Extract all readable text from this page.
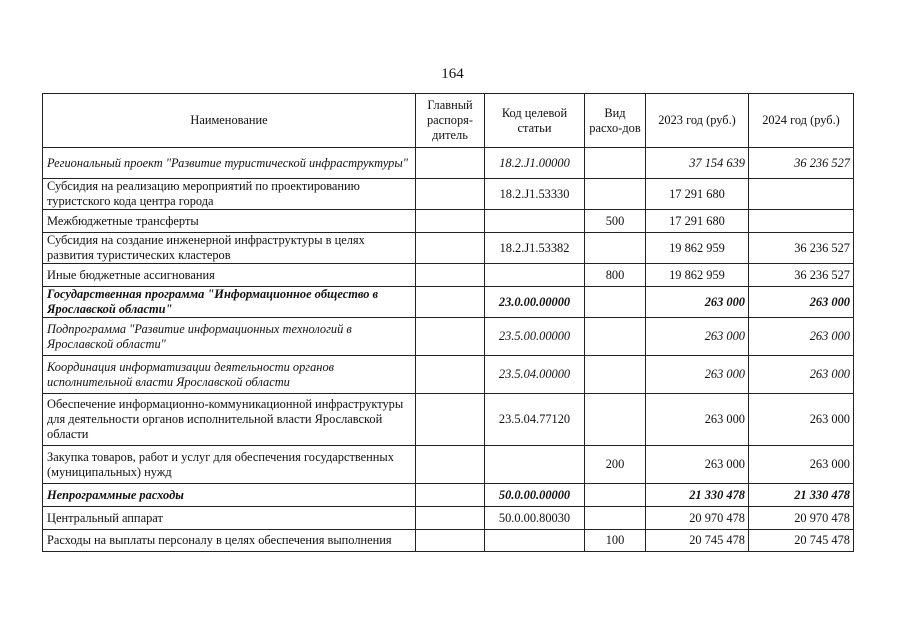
164
Наименование	Главный распоря-дитель	Код целевой статьи	Вид расхо-дов	2023 год (руб.)	2024 год (руб.)
Региональный проект "Развитие туристической инфраструктуры"		18.2.J1.00000		37 154 639	36 236 527
Субсидия на реализацию мероприятий по проектированию туристского кода центра города		18.2.J1.53330		17 291 680	
Межбюджетные трансферты			500	17 291 680	
Субсидия на создание инженерной инфраструктуры в целях развития туристических кластеров		18.2.J1.53382		19 862 959	36 236 527
Иные бюджетные ассигнования			800	19 862 959	36 236 527
Государственная программа "Информационное общество в Ярославской области"		23.0.00.00000		263 000	263 000
Подпрограмма "Развитие информационных технологий в Ярославской области"		23.5.00.00000		263 000	263 000
Координация информатизации деятельности органов исполнительной власти Ярославской области		23.5.04.00000		263 000	263 000
Обеспечение информационно-коммуникационной инфраструктуры для деятельности органов исполнительной власти Ярославской области		23.5.04.77120		263 000	263 000
Закупка товаров, работ и услуг для обеспечения государственных (муниципальных) нужд			200	263 000	263 000
Непрограммные расходы		50.0.00.00000		21 330 478	21 330 478
Центральный аппарат		50.0.00.80030		20 970 478	20 970 478
Расходы на выплаты персоналу в целях обеспечения выполнения			100	20 745 478	20 745 478
